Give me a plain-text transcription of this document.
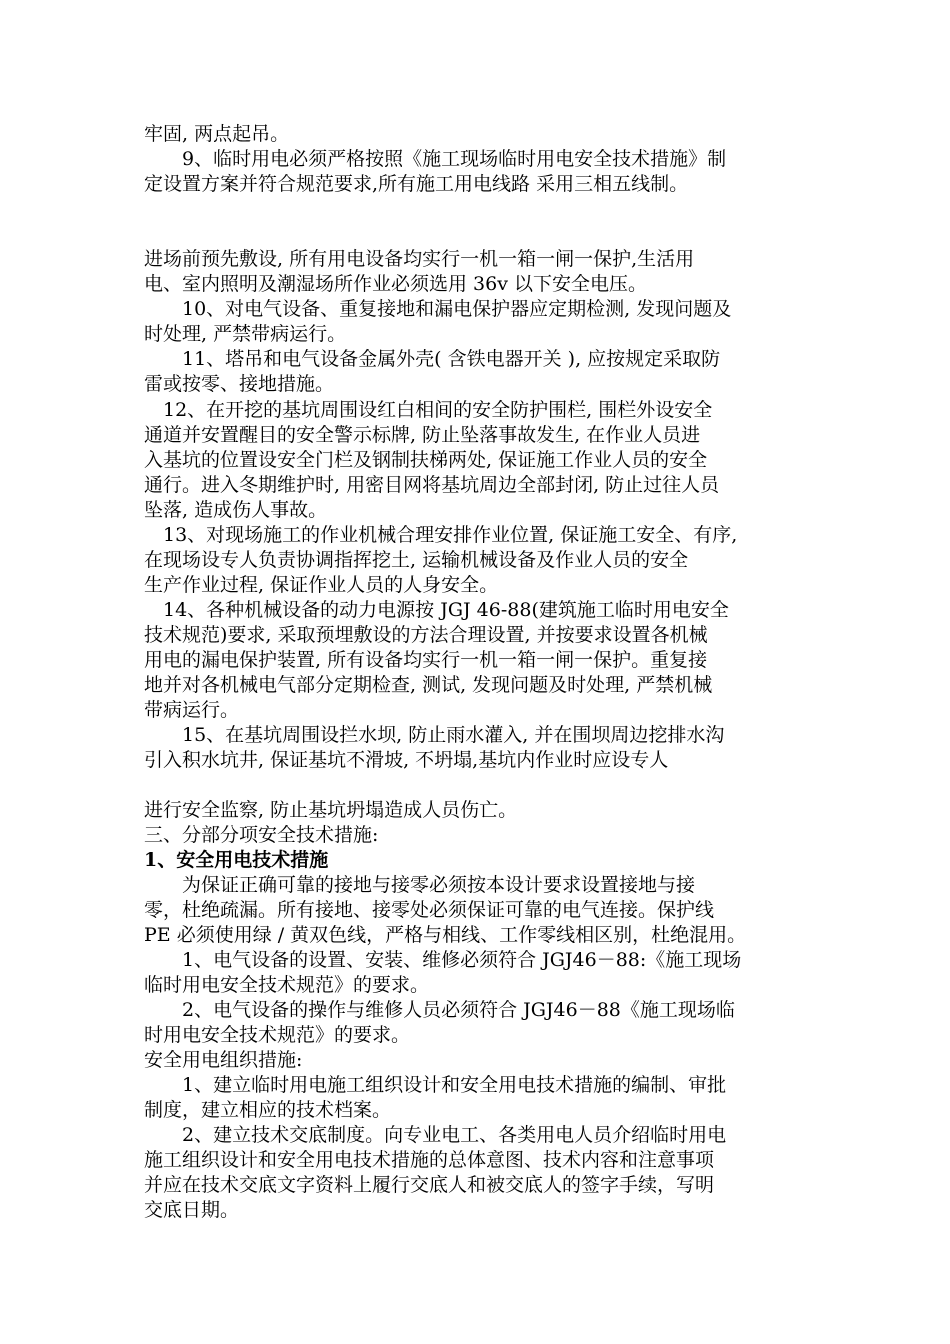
牢固, 两点起吊。

　　9、临时用电必须严格按照《施工现场临时用电安全技术措施》制

定设置方案并符合规范要求,所有施工用电线路 采用三相五线制。

进场前预先敷设, 所有用电设备均实行一机一箱一闸一保护,生活用

电、室内照明及潮湿场所作业必须选用 36v 以下安全电压。

　　10、对电气设备、重复接地和漏电保护器应定期检测, 发现问题及

时处理, 严禁带病运行。

　　11、塔吊和电气设备金属外壳( 含铁电器开关 ), 应按规定采取防

雷或按零、接地措施。

　12、在开挖的基坑周围设红白相间的安全防护围栏, 围栏外设安全

通道并安置醒目的安全警示标牌, 防止坠落事故发生, 在作业人员进

入基坑的位置设安全门栏及钢制扶梯两处, 保证施工作业人员的安全

通行。进入冬期维护时, 用密目网将基坑周边全部封闭, 防止过往人员

坠落, 造成伤人事故。

　13、对现场施工的作业机械合理安排作业位置, 保证施工安全、有序,

在现场设专人负责协调指挥挖土, 运输机械设备及作业人员的安全

生产作业过程, 保证作业人员的人身安全。

　14、各种机械设备的动力电源按 JGJ 46-88(建筑施工临时用电安全

技术规范)要求, 采取预埋敷设的方法合理设置, 并按要求设置各机械

用电的漏电保护装置, 所有设备均实行一机一箱一闸一保护。重复接

地并对各机械电气部分定期检查, 测试, 发现问题及时处理, 严禁机械

带病运行。

　　15、在基坑周围设拦水坝, 防止雨水灌入, 并在围坝周边挖排水沟

引入积水坑井, 保证基坑不滑坡, 不坍塌,基坑内作业时应设专人

进行安全监察, 防止基坑坍塌造成人员伤亡。

三、分部分项安全技术措施:

1、安全用电技术措施

　　为保证正确可靠的接地与接零必须按本设计要求设置接地与接

零，杜绝疏漏。所有接地、接零处必须保证可靠的电气连接。保护线

PE 必须使用绿 / 黄双色线，严格与相线、工作零线相区别，杜绝混用。

　　1、电气设备的设置、安装、维修必须符合 JGJ46－88:《施工现场

临时用电安全技术规范》的要求。

　　2、电气设备的操作与维修人员必须符合 JGJ46－88《施工现场临

时用电安全技术规范》的要求。

安全用电组织措施:

　　1、建立临时用电施工组织设计和安全用电技术措施的编制、审批

制度，建立相应的技术档案。

　　2、建立技术交底制度。向专业电工、各类用电人员介绍临时用电

施工组织设计和安全用电技术措施的总体意图、技术内容和注意事项

并应在技术交底文字资料上履行交底人和被交底人的签字手续，写明

交底日期。
